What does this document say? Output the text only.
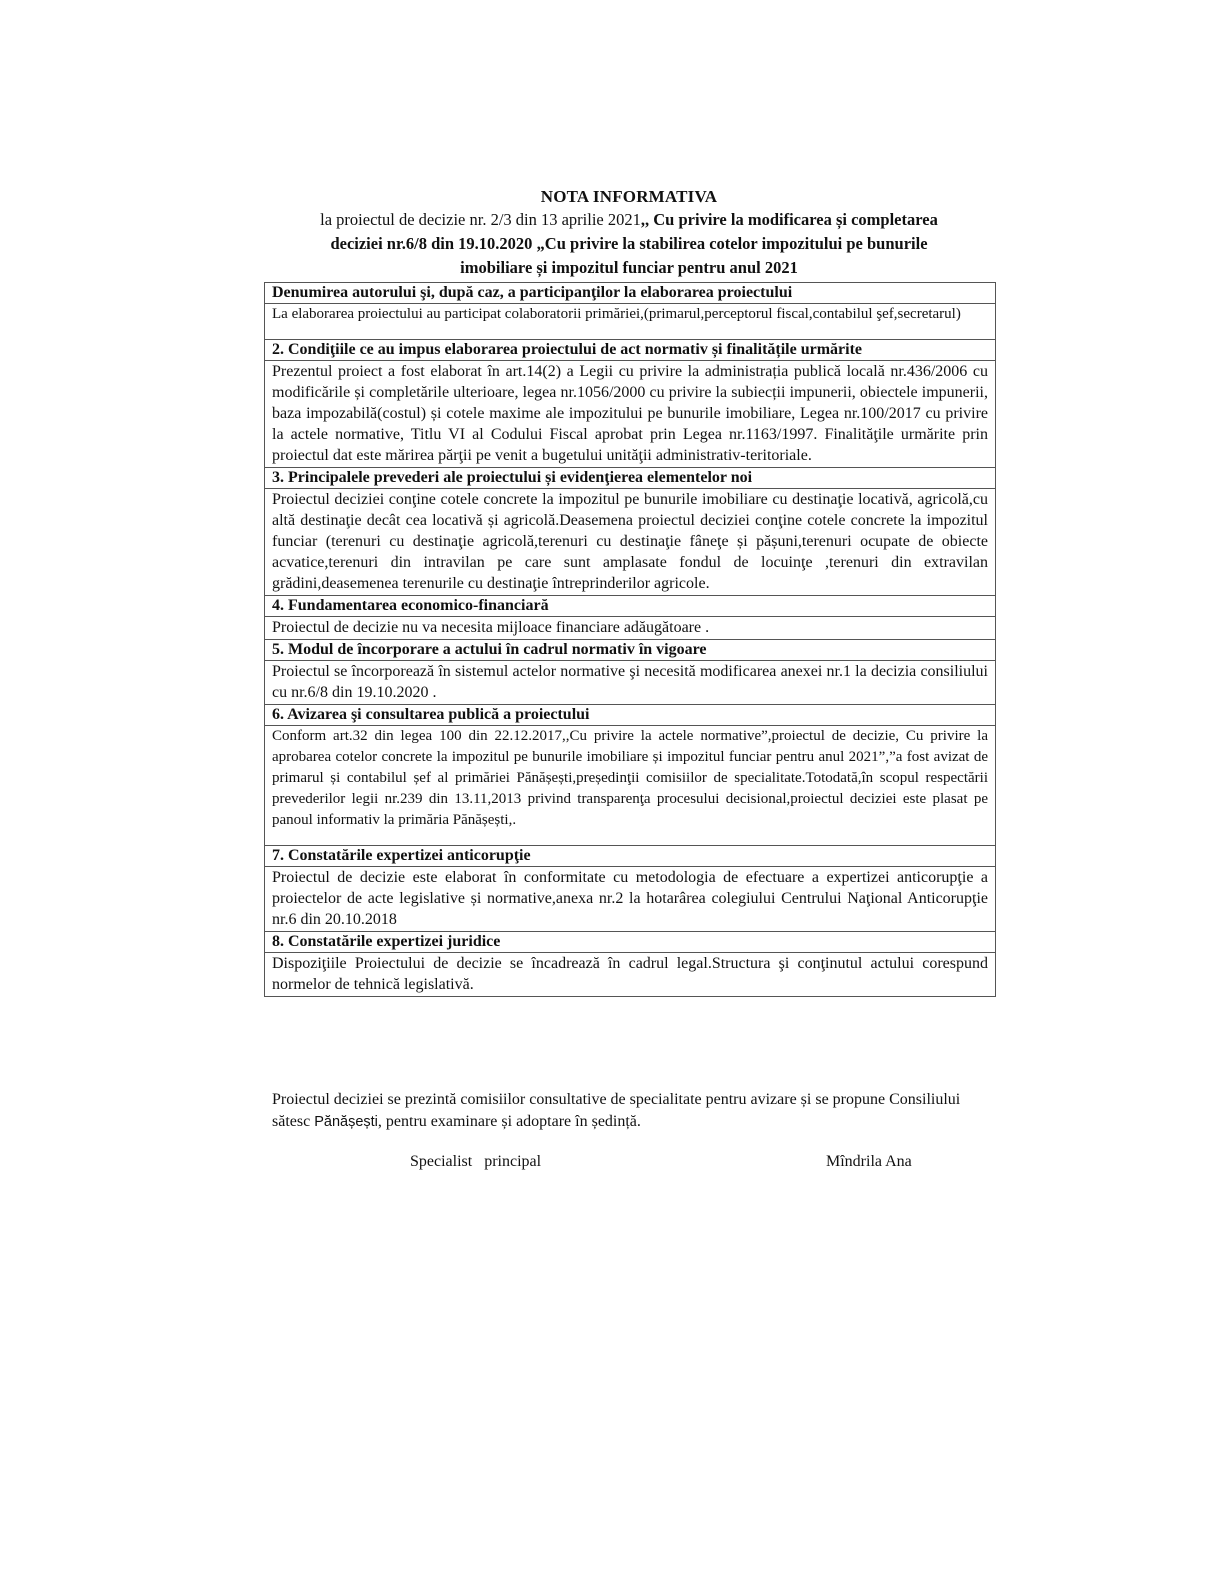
NOTA INFORMATIVA
la proiectul de decizie nr. 2/3 din 13 aprilie 2021,, Cu privire la modificarea și completarea
deciziei nr.6/8 din 19.10.2020 „Cu privire la stabilirea cotelor impozitului pe bunurile
imobiliare și impozitul funciar pentru anul 2021
Denumirea autorului şi, după caz, a participanţilor la elaborarea proiectului
La elaborarea proiectului au participat colaboratorii primăriei,(primarul,perceptorul fiscal,contabilul şef,secretarul)
2. Condiţiile ce au impus elaborarea proiectului de act normativ și finalitățile urmărite
Prezentul proiect a fost elaborat în art.14(2) a Legii cu privire la administrația publică locală nr.436/2006 cu modificările și completările ulterioare, legea nr.1056/2000 cu privire la subiecții impunerii, obiectele impunerii, baza impozabilă(costul) și cotele maxime ale impozitului pe bunurile imobiliare, Legea nr.100/2017 cu privire la actele normative, Titlu VI al Codului Fiscal aprobat prin Legea nr.1163/1997. Finalităţile urmărite prin proiectul dat este mărirea părţii pe venit a bugetului unităţii administrativ-teritoriale.
3. Principalele prevederi ale proiectului și evidenţierea elementelor noi
Proiectul deciziei conţine cotele concrete la impozitul pe bunurile imobiliare cu destinaţie locativă, agricolă,cu altă destinaţie decât cea locativă și agricolă.Deasemena proiectul deciziei conţine cotele concrete la impozitul funciar (terenuri cu destinaţie agricolă,terenuri cu destinaţie fâneţe și pășuni,terenuri ocupate de obiecte acvatice,terenuri din intravilan pe care sunt amplasate fondul de locuinţe ,terenuri din extravilan grădini,deasemenea terenurile cu destinaţie întreprinderilor agricole.
4. Fundamentarea economico-financiară
Proiectul de decizie nu va necesita mijloace financiare adăugătoare .
5. Modul de încorporare a actului în cadrul normativ în vigoare
Proiectul se încorporează în sistemul actelor normative şi necesită modificarea anexei nr.1 la decizia consiliului cu nr.6/8 din 19.10.2020 .
6. Avizarea şi consultarea publică a proiectului
Conform art.32 din legea 100 din 22.12.2017,,Cu privire la actele normative”,proiectul de decizie, Cu privire la aprobarea cotelor concrete la impozitul pe bunurile imobiliare și impozitul funciar pentru anul 2021”,”a fost avizat de primarul și contabilul șef al primăriei Pănășești,președinţii comisiilor de specialitate.Totodată,în scopul respectării prevederilor legii nr.239 din 13.11,2013 privind transparenţa procesului decisional,proiectul deciziei este plasat pe panoul informativ la primăria Pănășești,.
7. Constatările expertizei anticorupţie
Proiectul de decizie este elaborat în conformitate cu metodologia de efectuare a expertizei anticorupţie a proiectelor de acte legislative și normative,anexa nr.2 la hotarârea colegiului Centrului Naţional Anticorupţie nr.6 din 20.10.2018
8. Constatările expertizei juridice
Dispoziţiile Proiectului de decizie se încadrează în cadrul legal.Structura şi conţinutul actului corespund normelor de tehnică legislativă.
Proiectul deciziei se prezintă comisiilor consultative de specialitate pentru avizare și se propune Consiliului sătesc Pănășești, pentru examinare și adoptare în ședință.
Specialist   principal	Mîndrila Ana
